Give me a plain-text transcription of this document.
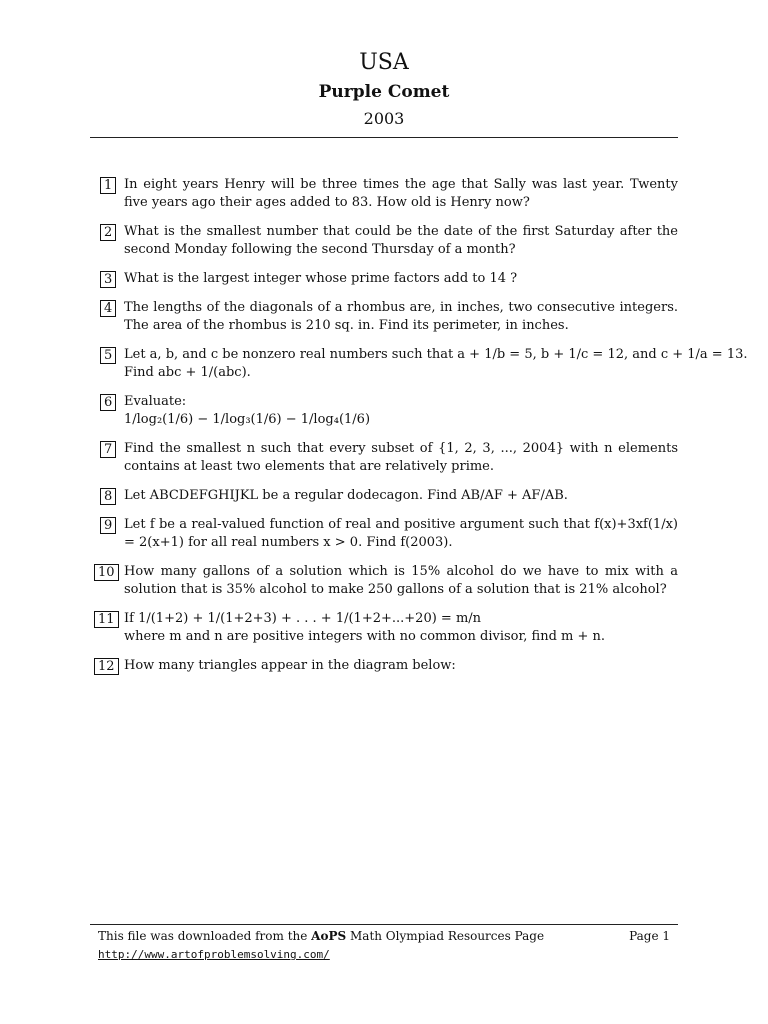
USA
Purple Comet
2003
1 In eight years Henry will be three times the age that Sally was last year. Twenty five years ago their ages added to 83. How old is Henry now?
2 What is the smallest number that could be the date of the first Saturday after the second Monday following the second Thursday of a month?
3 What is the largest integer whose prime factors add to 14 ?
4 The lengths of the diagonals of a rhombus are, in inches, two consecutive integers. The area of the rhombus is 210 sq. in. Find its perimeter, in inches.
5 Let a, b, and c be nonzero real numbers such that a + 1/b = 5, b + 1/c = 12, and c + 1/a = 13.
Find abc + 1/(abc).
6 Evaluate:
1/log₂(1/6) − 1/log₃(1/6) − 1/log₄(1/6)
7 Find the smallest n such that every subset of {1, 2, 3, ..., 2004} with n elements contains at least two elements that are relatively prime.
8 Let ABCDEFGHIJKL be a regular dodecagon. Find AB/AF + AF/AB.
9 Let f be a real-valued function of real and positive argument such that f(x)+3xf(1/x) = 2(x+1) for all real numbers x > 0. Find f(2003).
10 How many gallons of a solution which is 15% alcohol do we have to mix with a solution that is 35% alcohol to make 250 gallons of a solution that is 21% alcohol?
11 If 1/(1+2) + 1/(1+2+3) + . . . + 1/(1+2+...+20) = m/n
where m and n are positive integers with no common divisor, find m + n.
12 How many triangles appear in the diagram below:
This file was downloaded from the AoPS Math Olympiad Resources Page	Page 1
http://www.artofproblemsolving.com/
